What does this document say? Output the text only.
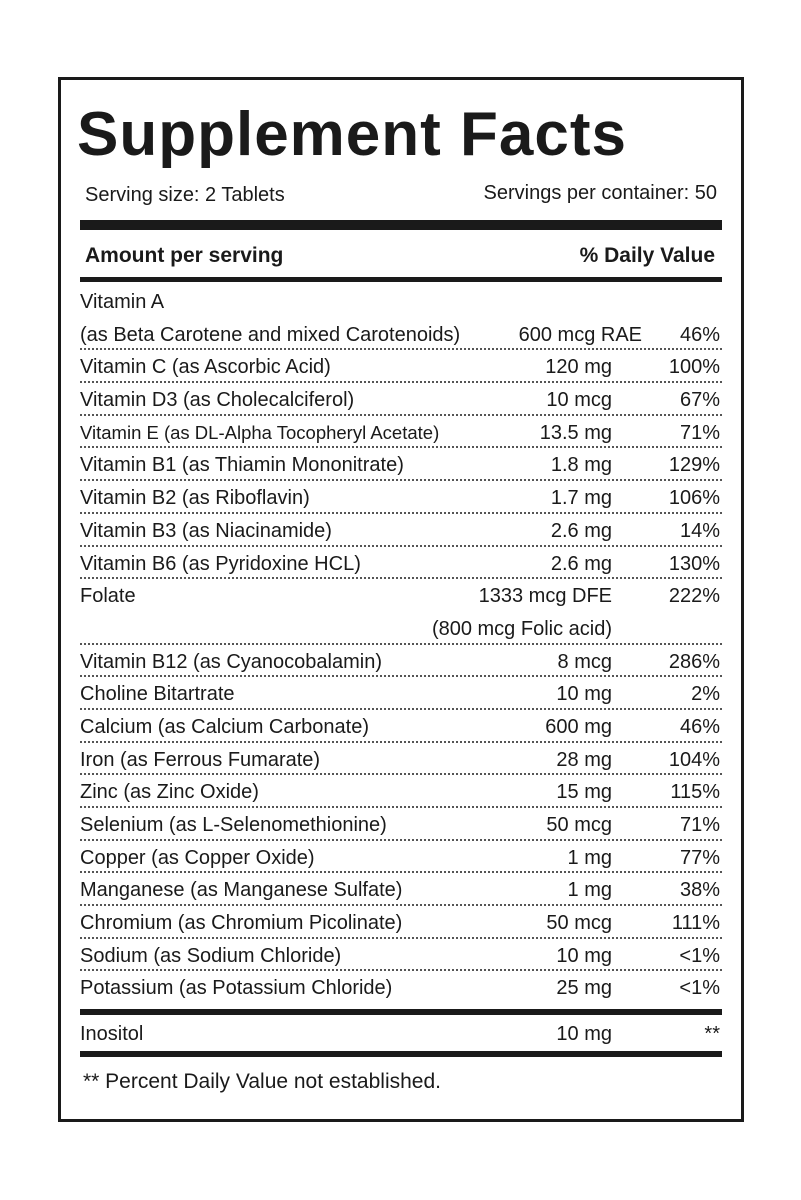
Supplement Facts
Serving size: 2 Tablets	Servings per container: 50
Amount per serving	% Daily Value
Vitamin A
(as Beta Carotene and mixed Carotenoids)	600 mcg RAE 46%
Vitamin C (as Ascorbic Acid)	120 mg	100%
Vitamin D3 (as Cholecalciferol)	10 mcg	67%
Vitamin E (as DL-Alpha Tocopheryl Acetate)	13.5 mg	71%
Vitamin B1 (as Thiamin Mononitrate)	1.8 mg	129%
Vitamin B2 (as Riboflavin)	1.7 mg	106%
Vitamin B3 (as Niacinamide)	2.6 mg	14%
Vitamin B6 (as Pyridoxine HCL)	2.6 mg	130%
Folate	1333 mcg DFE	222%
(800 mcg Folic acid)
Vitamin B12 (as Cyanocobalamin)	8 mcg	286%
Choline Bitartrate	10 mg	2%
Calcium (as Calcium Carbonate)	600 mg	46%
Iron (as Ferrous Fumarate)	28 mg	104%
Zinc (as Zinc Oxide)	15 mg	115%
Selenium (as L-Selenomethionine)	50 mcg	71%
Copper (as Copper Oxide)	1 mg	77%
Manganese (as Manganese Sulfate)	1 mg	38%
Chromium (as Chromium Picolinate)	50 mcg	111%
Sodium (as Sodium Chloride)	10 mg	<1%
Potassium (as Potassium Chloride)	25 mg	<1%
Inositol	10 mg	**
** Percent Daily Value not established.
